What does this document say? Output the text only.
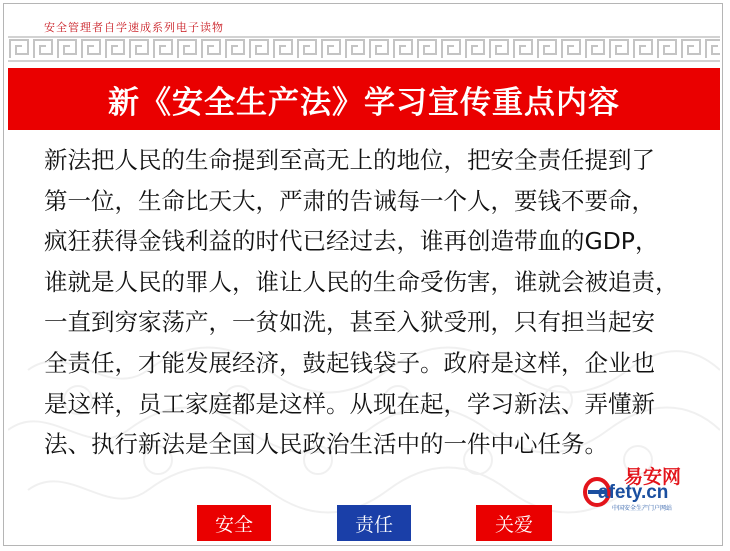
安全管理者自学速成系列电子读物
新《安全生产法》学习宣传重点内容
新法把人民的生命提到至高无上的地位，把安全责任提到了
第一位，生命比天大，严肃的告诫每一个人，要钱不要命，
疯狂获得金钱利益的时代已经过去，谁再创造带血的GDP，
谁就是人民的罪人，谁让人民的生命受伤害，谁就会被追责，
一直到穷家荡产，一贫如洗，甚至入狱受刑，只有担当起安
全责任，才能发展经济，鼓起钱袋子。政府是这样，企业也
是这样，员工家庭都是这样。从现在起，学习新法、弄懂新
法、执行新法是全国人民政治生活中的一件中心任务。
易安网
afety.cn
中国安全生产门户网站
安全	责任	关爱
